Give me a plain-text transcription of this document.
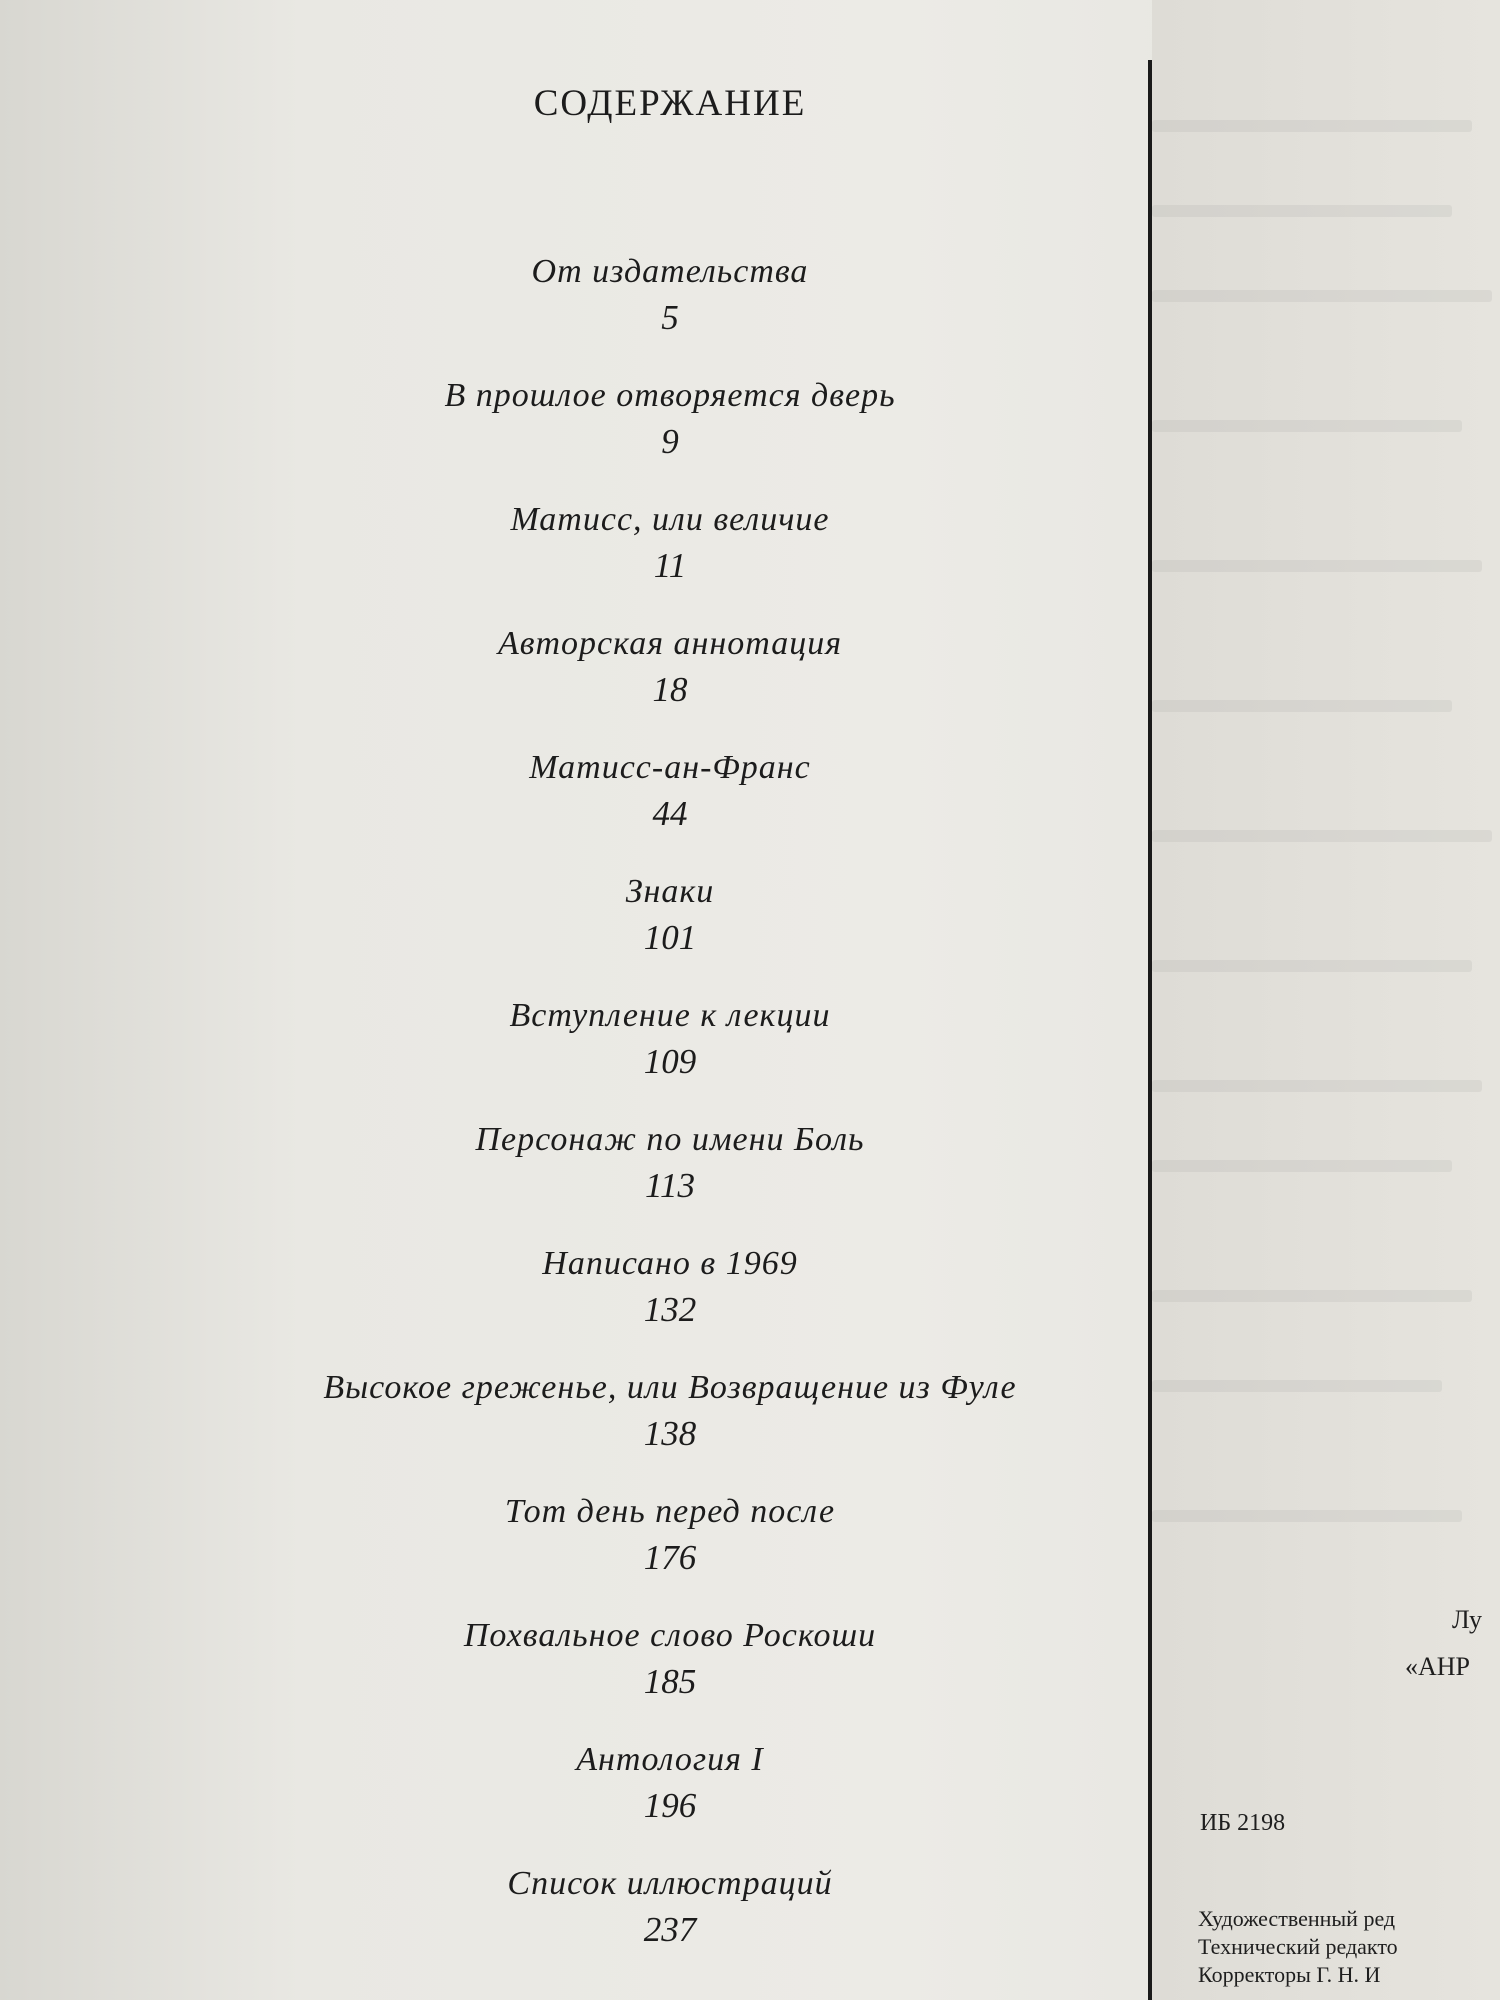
СОДЕРЖАНИЕ
От издательства
5
В прошлое отворяется дверь
9
Матисс, или величие
11
Авторская аннотация
18
Матисс-ан-Франс
44
Знаки
101
Вступление к лекции
109
Персонаж по имени Боль
113
Написано в 1969
132
Высокое греженье, или Возвращение из Фуле
138
Тот день перед после
176
Похвальное слово Роскоши
185
Антология I
196
Список иллюстраций
237
Лу
«АНР
ИБ 2198
Художественный ред
Технический редакто
Корректоры Г. Н. И
